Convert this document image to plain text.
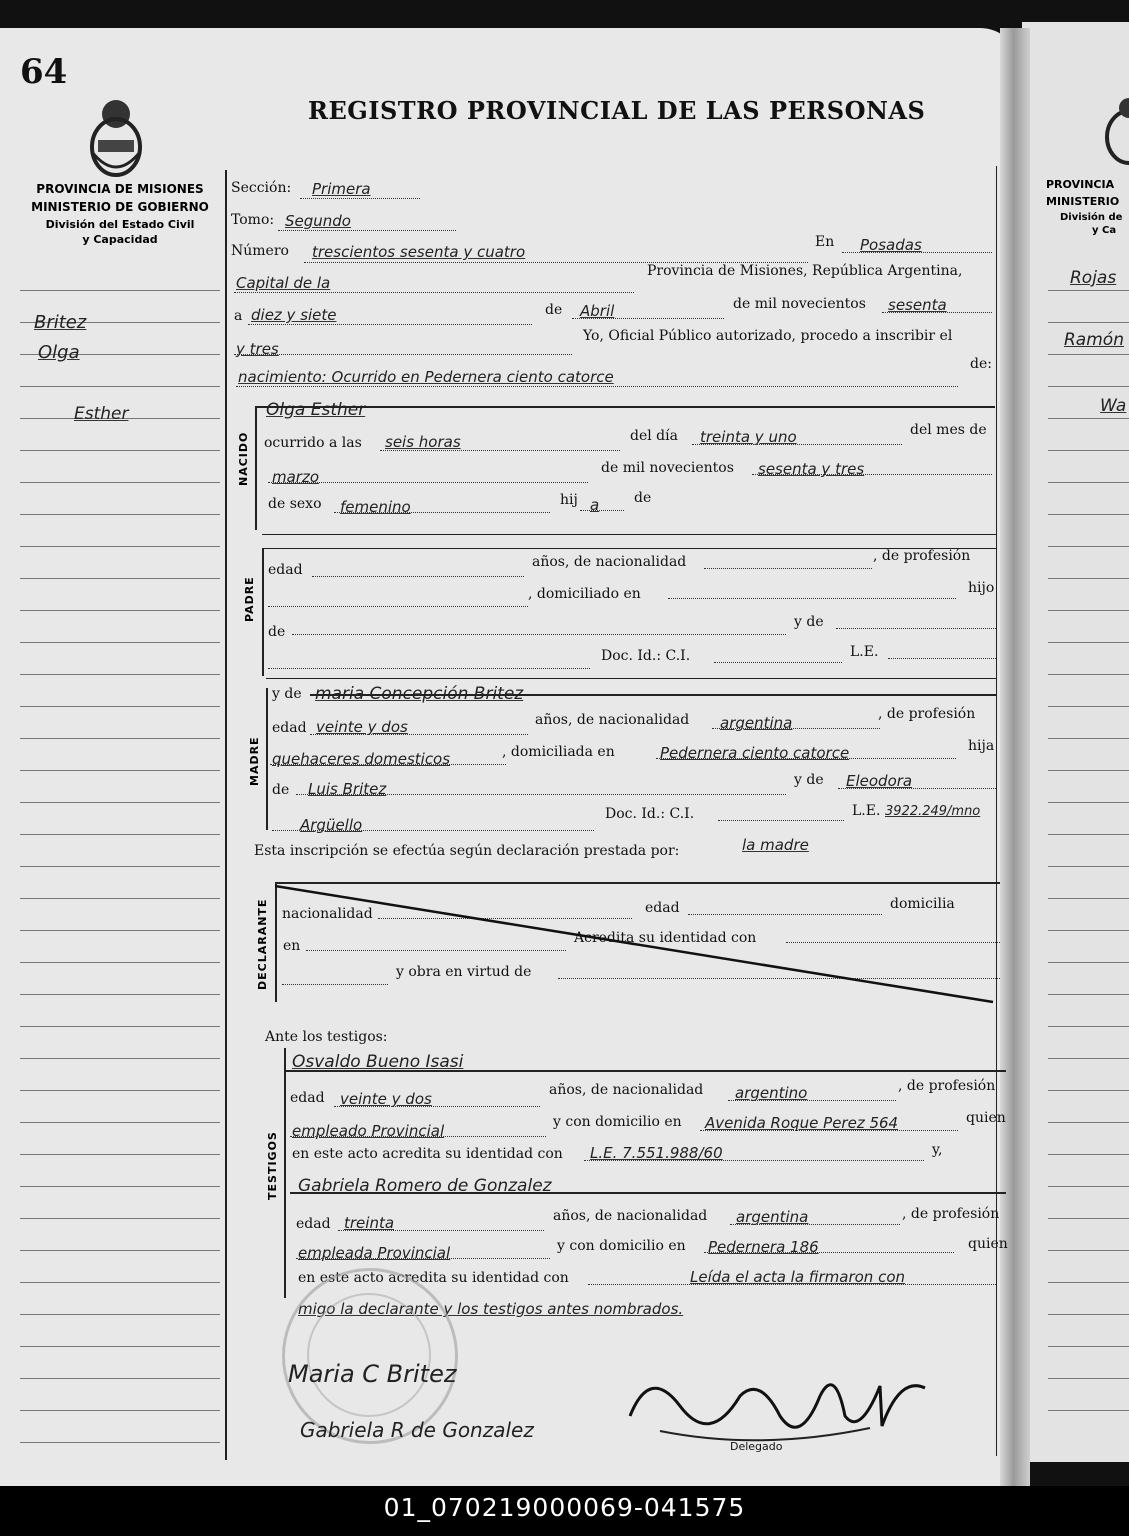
64
REGISTRO PROVINCIAL DE LAS PERSONAS
PROVINCIA DE MISIONES
MINISTERIO DE GOBIERNO
División del Estado Civil
y Capacidad
PROVINCIA
MINISTERIO
División de
y Ca
Britez
Olga
Esther
Rojas
Ramón
Wa
Sección: Primera
Tomo: Segundo
Número trescientos sesenta y cuatro
En Posadas
Capital de la
Provincia de Misiones, República Argentina,
a diez y siete	de Abril	de mil novecientos sesenta
y tres
Yo, Oficial Público autorizado, procedo a inscribir el
nacimiento: Ocurrido en Pedernera ciento catorce
de:
NACIDO
Olga Esther
ocurrido a las seis horas	del día treinta y uno	del mes de
marzo	de mil novecientos sesenta y tres
de sexo femenino	hij a de
PADRE
edad	años, de nacionalidad	, de profesión
, domiciliado en	hijo
de
y de
Doc. Id.: C.I.	L.E.
MADRE
y de maria Concepción Britez
edad veinte y dos	años, de nacionalidad argentina	, de profesión
quehaceres domesticos	, domiciliada en	Pedernera ciento catorce	hija
de Luis Britez	y de Eleodora
Argüello
Doc. Id.: C.I.	L.E. 3922.249/mno
Esta inscripción se efectúa según declaración prestada por:	la madre
DECLARANTE nacionalidad	edad	domicilia
en	Acredita su identidad con
y obra en virtud de
Ante los testigos:
TESTIGOS
Osvaldo Bueno Isasi
edad veinte y dos	años, de nacionalidad argentino	, de profesión
empleado Provincial	y con domicilio en Avenida Roque Perez 564	quien
en este acto acredita su identidad con L.E. 7.551.988/60	y,
Gabriela Romero de Gonzalez
edad treinta	años, de nacionalidad argentina	, de profesión
empleada Provincial	y con domicilio en Pedernera 186	quien
en este acto acredita su identidad con	Leída el acta la firmaron con
migo la declarante y los testigos antes nombrados.
Maria C Britez
Gabriela R de Gonzalez
Delegado
01_070219000069-041575
